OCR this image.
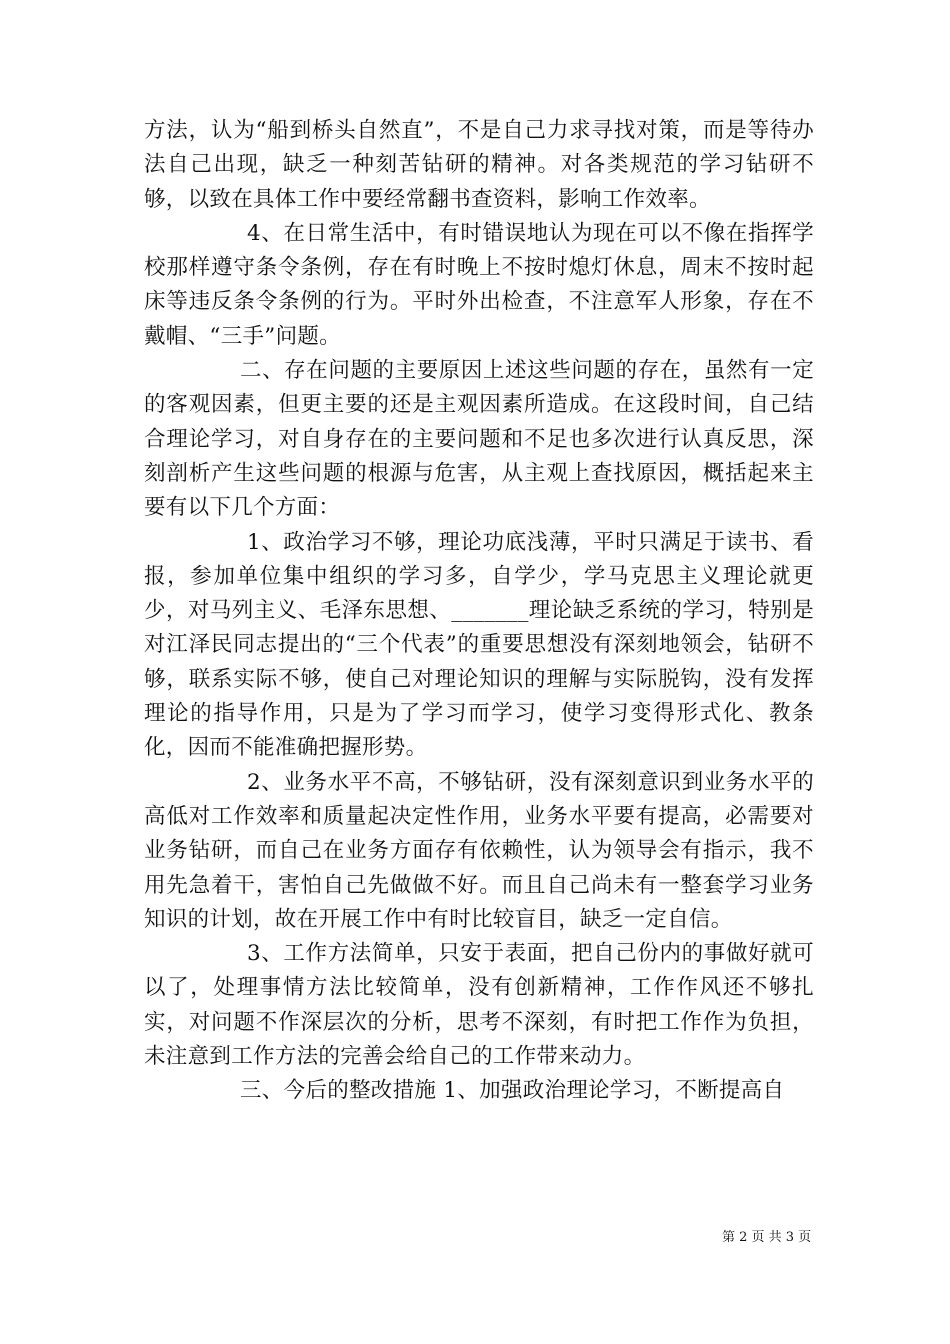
方法，认为“船到桥头自然直”，不是自己力求寻找对策，而是等待办法自己出现，缺乏一种刻苦钻研的精神。对各类规范的学习钻研不够，以致在具体工作中要经常翻书查资料，影响工作效率。

4、在日常生活中，有时错误地认为现在可以不像在指挥学校那样遵守条令条例，存在有时晚上不按时熄灯休息，周末不按时起床等违反条令条例的行为。平时外出检查，不注意军人形象，存在不戴帽、“三手”问题。

二、存在问题的主要原因上述这些问题的存在，虽然有一定的客观因素，但更主要的还是主观因素所造成。在这段时间，自己结合理论学习，对自身存在的主要问题和不足也多次进行认真反思，深刻剖析产生这些问题的根源与危害，从主观上查找原因，概括起来主要有以下几个方面：

1、政治学习不够，理论功底浅薄，平时只满足于读书、看报，参加单位集中组织的学习多，自学少，学马克思主义理论就更少，对马列主义、毛泽东思想、_______理论缺乏系统的学习，特别是对江泽民同志提出的“三个代表”的重要思想没有深刻地领会，钻研不够，联系实际不够，使自己对理论知识的理解与实际脱钩，没有发挥理论的指导作用，只是为了学习而学习，使学习变得形式化、教条化，因而不能准确把握形势。

2、业务水平不高，不够钻研，没有深刻意识到业务水平的高低对工作效率和质量起决定性作用，业务水平要有提高，必需要对业务钻研，而自己在业务方面存有依赖性，认为领导会有指示，我不用先急着干，害怕自己先做做不好。而且自己尚未有一整套学习业务知识的计划，故在开展工作中有时比较盲目，缺乏一定自信。

3、工作方法简单，只安于表面，把自己份内的事做好就可以了，处理事情方法比较简单，没有创新精神，工作作风还不够扎实，对问题不作深层次的分析，思考不深刻，有时把工作作为负担，未注意到工作方法的完善会给自己的工作带来动力。

三、今后的整改措施 1、加强政治理论学习，不断提高自

第 2 页 共 3 页
